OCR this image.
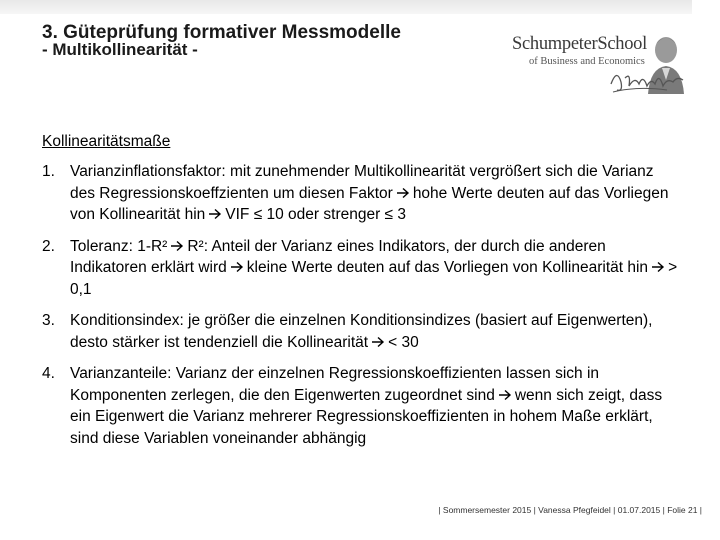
3. Güteprüfung formativer Messmodelle
- Multikollinearität -	SchumpeterSchool
of Business and Economics
Kollinearitätsmaße
1. Varianzinflationsfaktor: mit zunehmender Multikollinearität vergrößert sich die Varianz des Regressionskoeffzienten um diesen Faktor hohe Werte deuten auf das Vorliegen von Kollinearität hin VIF ≤ 10 oder strenger ≤ 3
2. Toleranz: 1-R² R²: Anteil der Varianz eines Indikators, der durch die anderen Indikatoren erklärt wird kleine Werte deuten auf das Vorliegen von Kollinearität hin > 0,1
3. Konditionsindex: je größer die einzelnen Konditionsindizes (basiert auf Eigenwerten), desto stärker ist tendenziell die Kollinearität < 30
4. Varianzanteile: Varianz der einzelnen Regressionskoeffizienten lassen sich in Komponenten zerlegen, die den Eigenwerten zugeordnet sind wenn sich zeigt, dass ein Eigenwert die Varianz mehrerer Regressionskoeffizienten in hohem Maße erklärt, sind diese Variablen voneinander abhängig
| Sommersemester 2015 | Vanessa Pfegfeidel | 01.07.2015 | Folie 21 |
